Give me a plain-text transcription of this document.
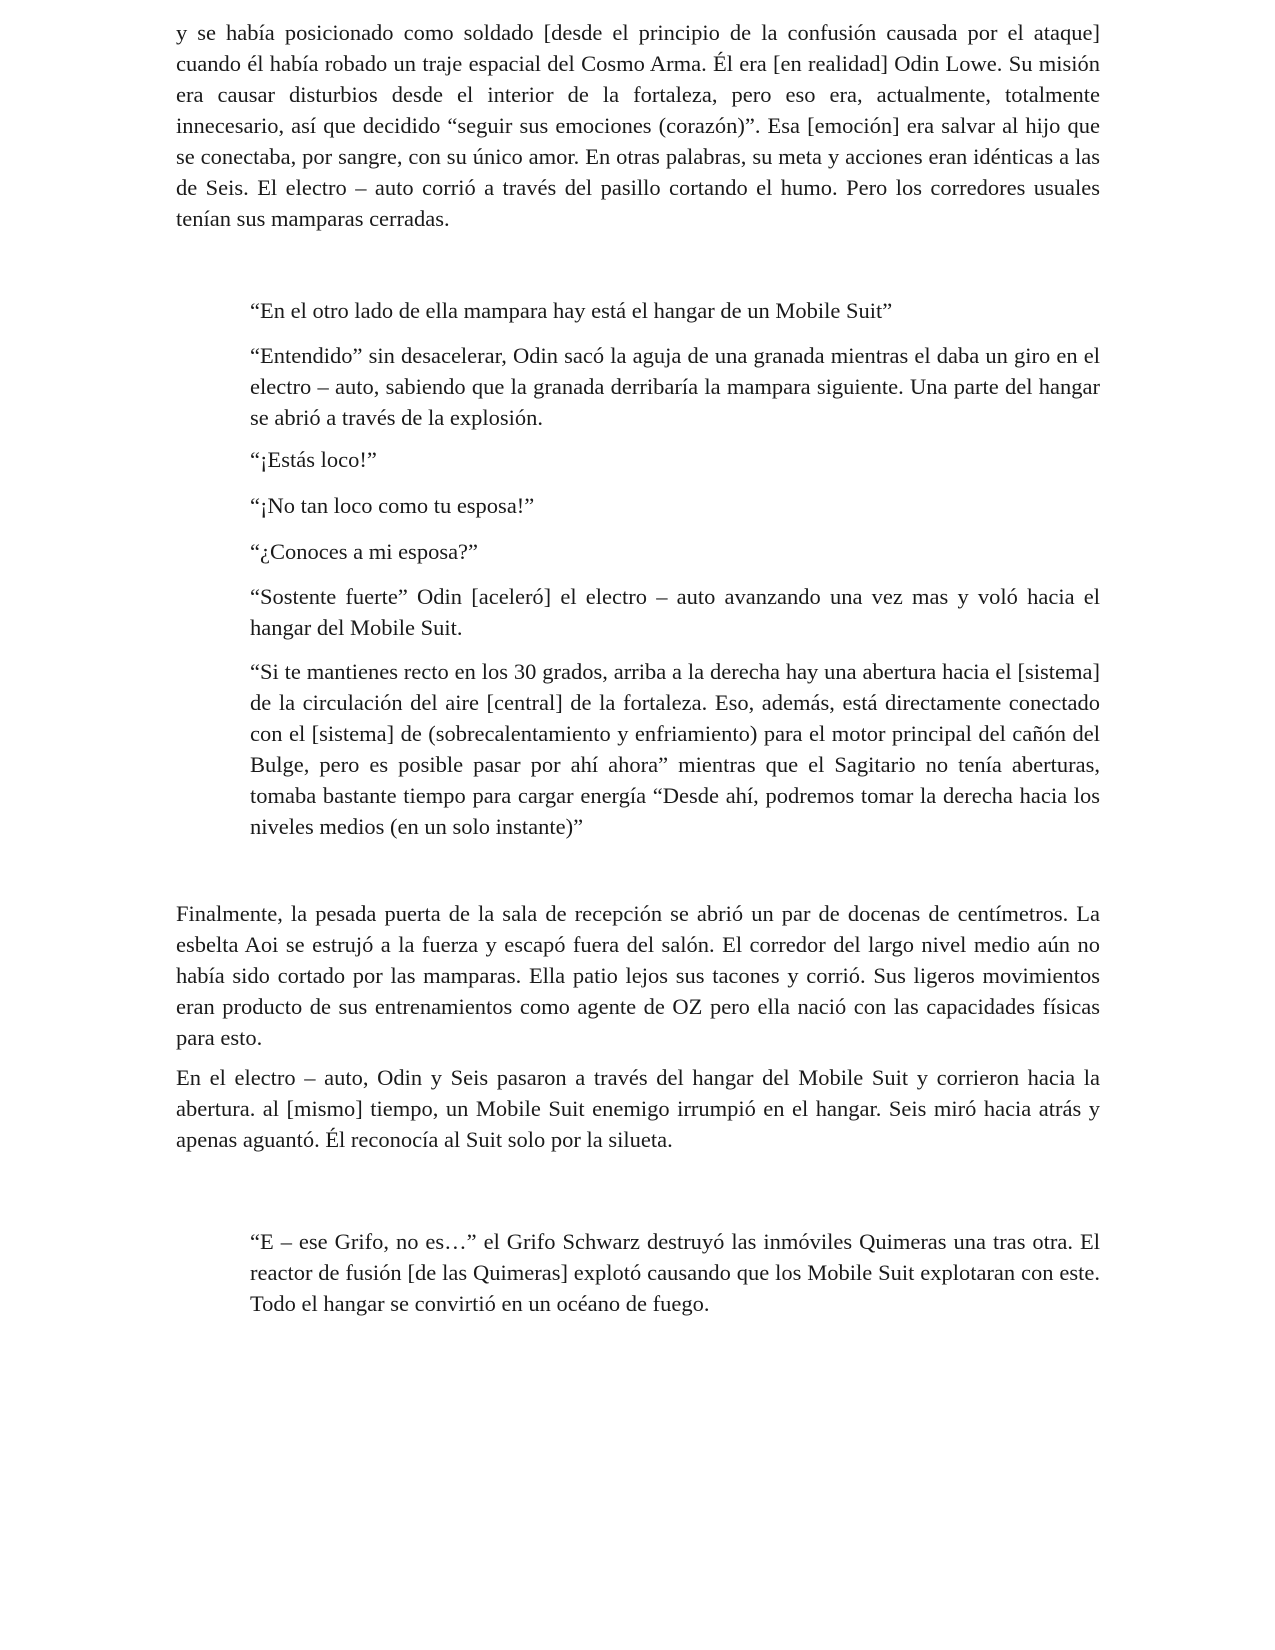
y se había posicionado como soldado [desde el principio de la confusión causada por el ataque] cuando él había robado un traje espacial del Cosmo Arma. Él era [en realidad] Odin Lowe. Su misión era causar disturbios desde el interior de la fortaleza, pero eso era, actualmente, totalmente innecesario, así que decidido “seguir sus emociones (corazón)”. Esa [emoción] era salvar al hijo que se conectaba, por sangre, con su único amor. En otras palabras, su meta y acciones eran idénticas a las de Seis. El electro – auto corrió a través del pasillo cortando el humo. Pero los corredores usuales tenían sus mamparas cerradas.

“En el otro lado de ella mampara hay está el hangar de un Mobile Suit”

“Entendido” sin desacelerar, Odin sacó la aguja de una granada mientras el daba un giro en el electro – auto, sabiendo que la granada derribaría la mampara siguiente. Una parte del hangar se abrió a través de la explosión.

“¡Estás loco!”

“¡No tan loco como tu esposa!”

“¿Conoces a mi esposa?”

“Sostente fuerte” Odin [aceleró] el electro – auto avanzando una vez mas y voló hacia el hangar del Mobile Suit.

“Si te mantienes recto en los 30 grados, arriba a la derecha hay una abertura hacia el [sistema] de la circulación del aire [central] de la fortaleza. Eso, además, está directamente conectado con el [sistema] de (sobrecalentamiento y enfriamiento) para el motor principal del cañón del Bulge, pero es posible pasar por ahí ahora” mientras que el Sagitario no tenía aberturas, tomaba bastante tiempo para cargar energía “Desde ahí, podremos tomar la derecha hacia los niveles medios (en un solo instante)”

Finalmente, la pesada puerta de la sala de recepción se abrió un par de docenas de centímetros. La esbelta Aoi se estrujó a la fuerza y escapó fuera del salón. El corredor del largo nivel medio aún no había sido cortado por las mamparas. Ella patio lejos sus tacones y corrió. Sus ligeros movimientos eran producto de sus entrenamientos como agente de OZ pero ella nació con las capacidades físicas para esto.

En el electro – auto, Odin y Seis pasaron a través del hangar del Mobile Suit y corrieron hacia la abertura. al [mismo] tiempo, un Mobile Suit enemigo irrumpió en el hangar. Seis miró hacia atrás y apenas aguantó. Él reconocía al Suit solo por la silueta.

“E – ese Grifo, no es…” el Grifo Schwarz destruyó las inmóviles Quimeras una tras otra. El reactor de fusión [de las Quimeras] explotó causando que los Mobile Suit explotaran con este. Todo el hangar se convirtió en un océano de fuego.
